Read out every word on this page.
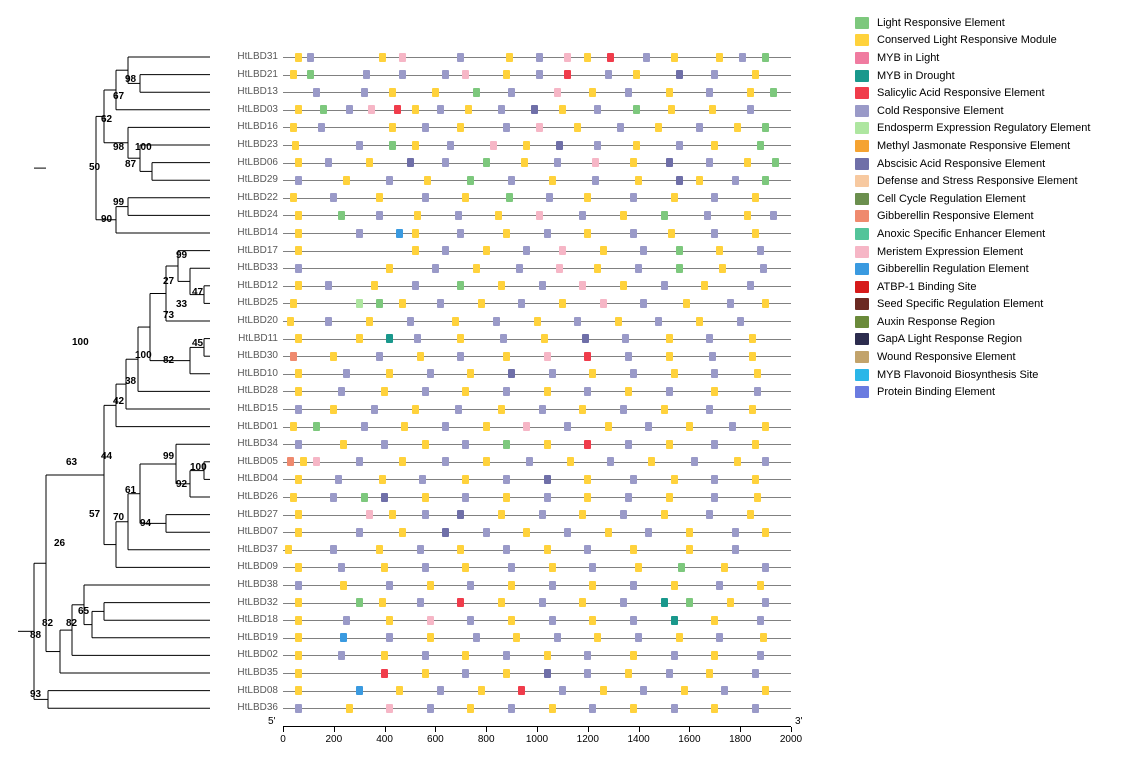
HtLBD31
HtLBD21
HtLBD13
HtLBD03
HtLBD16
HtLBD23
HtLBD06
HtLBD29
HtLBD22
HtLBD24
HtLBD14
HtLBD17
HtLBD33
HtLBD12
HtLBD25
HtLBD20
HtLBD11
HtLBD30
HtLBD10
HtLBD28
HtLBD15
HtLBD01
HtLBD34
HtLBD05
HtLBD04
HtLBD26
HtLBD27
HtLBD07
HtLBD37
HtLBD09
HtLBD38
HtLBD32
HtLBD18
HtLBD19
HtLBD02
HtLBD35
HtLBD08
HtLBD36
98
67
62
98 100
87
50
99
90
99
27
47
33
73
45
100 82
100
38
42
99
100
44
92
61
63
70
94
57
26
82
65
82
88
93
0	200	400	600	800	1000	1200	1400	1600	1800	2000
5'	3'
Light Responsive Element
Conserved Light Responsive Module
MYB in Light
MYB in Drought
Salicylic Acid Responsive Element
Cold Responsive Element
Endosperm Expression Regulatory Element
Methyl Jasmonate Responsive Element
Abscisic Acid Responsive Element
Defense and Stress Responsive Element
Cell Cycle Regulation Element
Gibberellin Responsive Element
Anoxic Specific Enhancer Element
Meristem Expression Element
Gibberellin Regulation Element
ATBP-1 Binding Site
Seed Specific Regulation Element
Auxin Response Region
GapA Light Response Region
Wound Responsive Element
MYB Flavonoid Biosynthesis Site
Protein Binding Element
